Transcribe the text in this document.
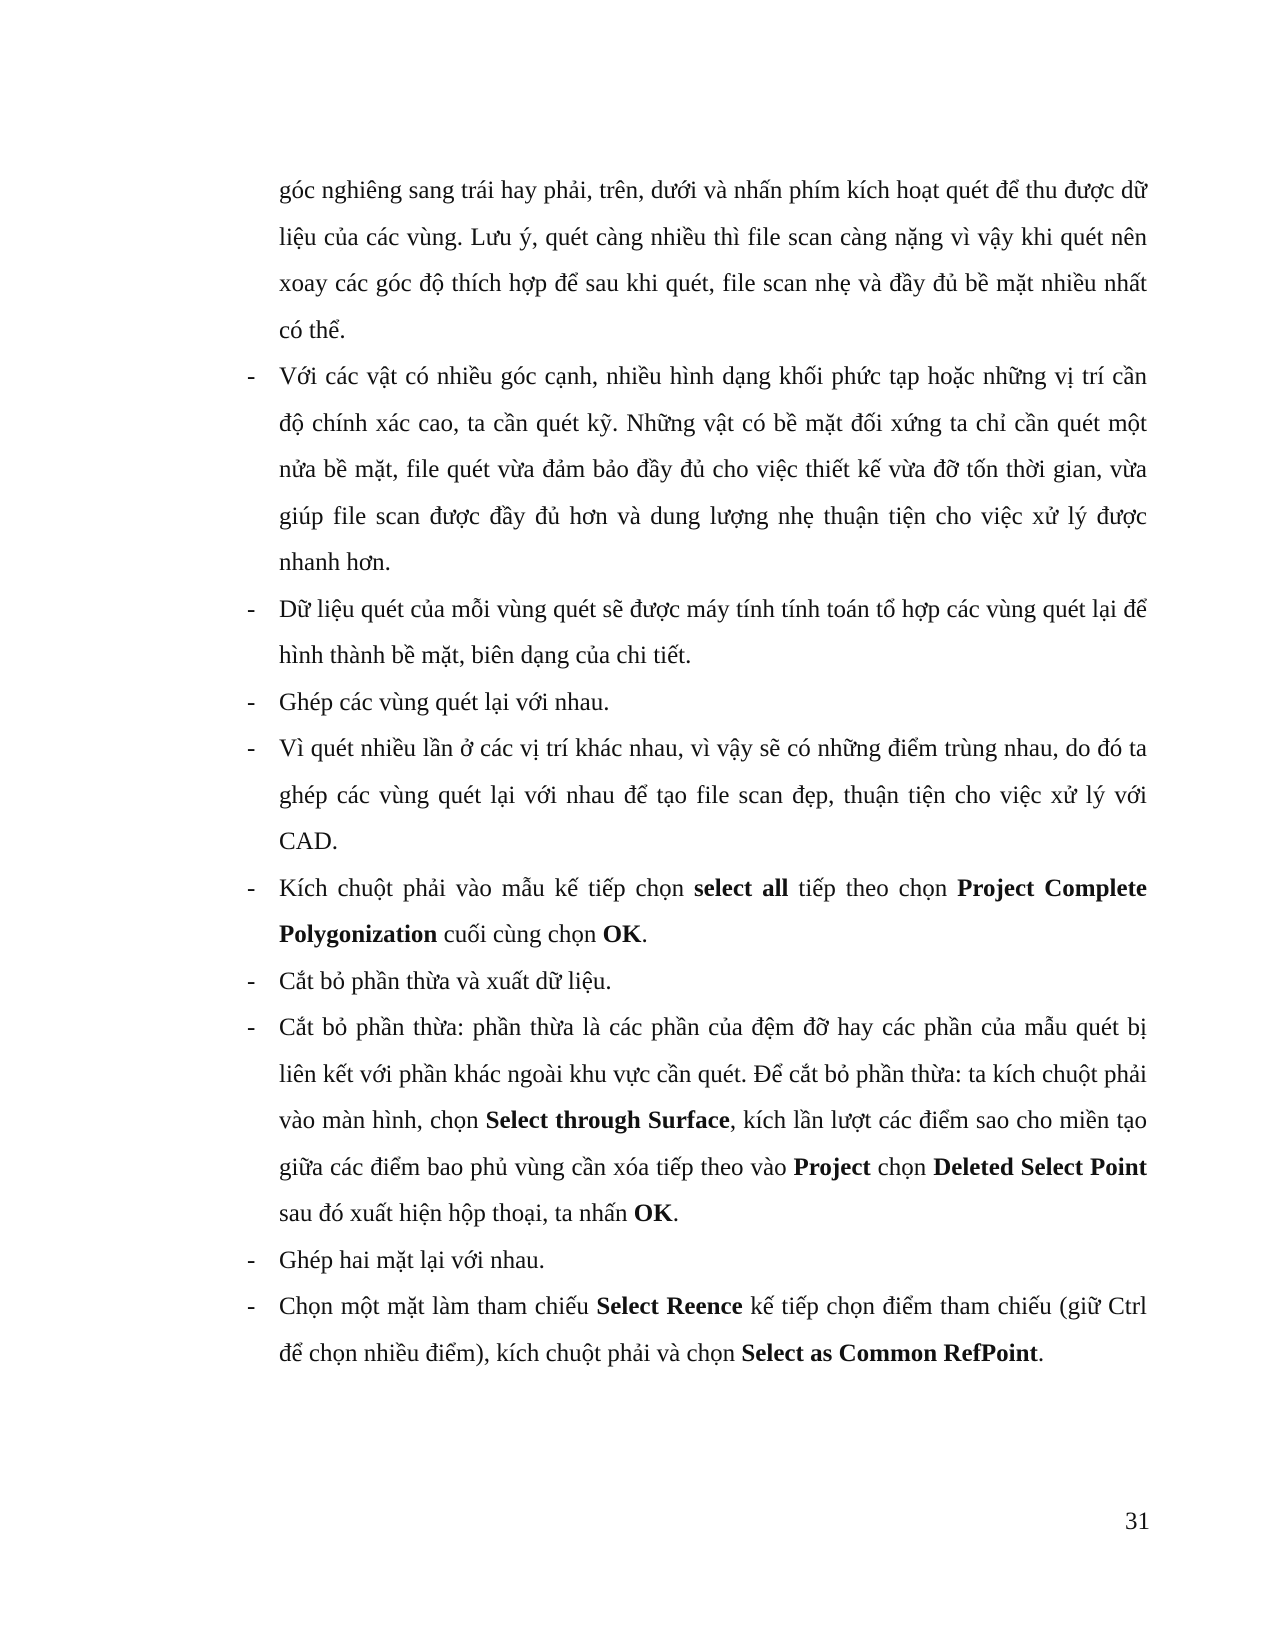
góc nghiêng sang trái hay phải, trên, dưới và nhấn phím kích hoạt quét để thu được dữ liệu của các vùng. Lưu ý, quét càng nhiều thì file scan càng nặng vì vậy khi quét nên xoay các góc độ thích hợp để sau khi quét, file scan nhẹ và đầy đủ bề mặt nhiều nhất có thể.

- Với các vật có nhiều góc cạnh, nhiều hình dạng khối phức tạp hoặc những vị trí cần độ chính xác cao, ta cần quét kỹ. Những vật có bề mặt đối xứng ta chỉ cần quét một nửa bề mặt, file quét vừa đảm bảo đầy đủ cho việc thiết kế vừa đỡ tốn thời gian, vừa giúp file scan được đầy đủ hơn và dung lượng nhẹ thuận tiện cho việc xử lý được nhanh hơn.

- Dữ liệu quét của mỗi vùng quét sẽ được máy tính tính toán tổ hợp các vùng quét lại để hình thành bề mặt, biên dạng của chi tiết.

- Ghép các vùng quét lại với nhau.

- Vì quét nhiều lần ở các vị trí khác nhau, vì vậy sẽ có những điểm trùng nhau, do đó ta ghép các vùng quét lại với nhau để tạo file scan đẹp, thuận tiện cho việc xử lý với CAD.

- Kích chuột phải vào mẫu kế tiếp chọn select all tiếp theo chọn Project Complete Polygonization cuối cùng chọn OK.

- Cắt bỏ phần thừa và xuất dữ liệu.

- Cắt bỏ phần thừa: phần thừa là các phần của đệm đỡ hay các phần của mẫu quét bị liên kết với phần khác ngoài khu vực cần quét. Để cắt bỏ phần thừa: ta kích chuột phải vào màn hình, chọn Select through Surface, kích lần lượt các điểm sao cho miền tạo giữa các điểm bao phủ vùng cần xóa tiếp theo vào Project chọn Deleted Select Point sau đó xuất hiện hộp thoại, ta nhấn OK.

- Ghép hai mặt lại với nhau.

- Chọn một mặt làm tham chiếu Select Reence kế tiếp chọn điểm tham chiếu (giữ Ctrl để chọn nhiều điểm), kích chuột phải và chọn Select as Common RefPoint.

31
